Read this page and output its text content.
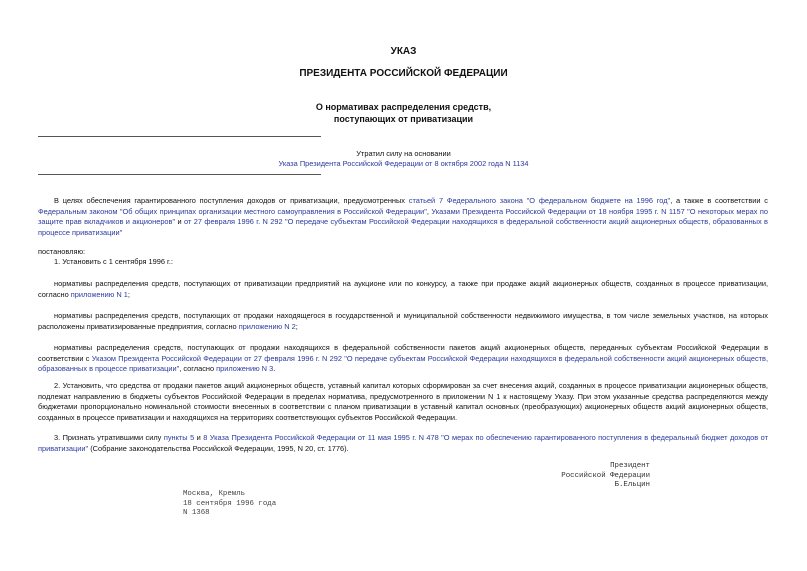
УКАЗ
ПРЕЗИДЕНТА РОССИЙСКОЙ ФЕДЕРАЦИИ
О нормативах распределения средств,
поступающих от приватизации
Утратил силу на основании
Указа Президента Российской Федерации от 8 октября 2002 года N 1134
В целях обеспечения гарантированного поступления доходов от приватизации, предусмотренных статьей 7 Федерального закона "О федеральном бюджете на 1996 год", а также в соответствии с Федеральным законом "Об общих принципах организации местного самоуправления в Российской Федерации", Указами Президента Российской Федерации от 18 ноября 1995 г. N 1157 "О некоторых мерах по защите прав вкладчиков и акционеров" и от 27 февраля 1996 г. N 292 "О передаче субъектам Российской Федерации находящихся в федеральной собственности акций акционерных обществ, образованных в процессе приватизации"
постановляю:
1. Установить с 1 сентября 1996 г.:
нормативы распределения средств, поступающих от приватизации предприятий на аукционе или по конкурсу, а также при продаже акций акционерных обществ, созданных в процессе приватизации, согласно приложению N 1;
нормативы распределения средств, поступающих от продажи находящегося в государственной и муниципальной собственности недвижимого имущества, в том числе земельных участков, на которых расположены приватизированные предприятия, согласно приложению N 2;
нормативы распределения средств, поступающих от продажи находящихся в федеральной собственности пакетов акций акционерных обществ, переданных субъектам Российской Федерации в соответствии с Указом Президента Российской Федерации от 27 февраля 1996 г. N 292 "О передаче субъектам Российской Федерации находящихся в федеральной собственности акций акционерных обществ, образованных в процессе приватизации", согласно приложению N 3.
2. Установить, что средства от продажи пакетов акций акционерных обществ, уставный капитал которых сформирован за счет внесения акций, созданных в процессе приватизации акционерных обществ, подлежат направлению в бюджеты субъектов Российской Федерации в пределах норматива, предусмотренного в приложении N 1 к настоящему Указу. При этом указанные средства распределяются между бюджетами пропорционально номинальной стоимости внесенных в соответствии с планом приватизации в уставный капитал основных (преобразующих) акционерных обществ акций акционерных обществ, созданных в процессе приватизации и находящихся на территориях соответствующих субъектов Российской Федерации.
3. Признать утратившими силу пункты 5 и 8 Указа Президента Российской Федерации от 11 мая 1995 г. N 478 "О мерах по обеспечению гарантированного поступления в федеральный бюджет доходов от приватизации" (Собрание законодательства Российской Федерации, 1995, N 20, ст. 1776).
Президент
Российской Федерации
Б.Ельцин
Москва, Кремль
18 сентября 1996 года
N 1368
